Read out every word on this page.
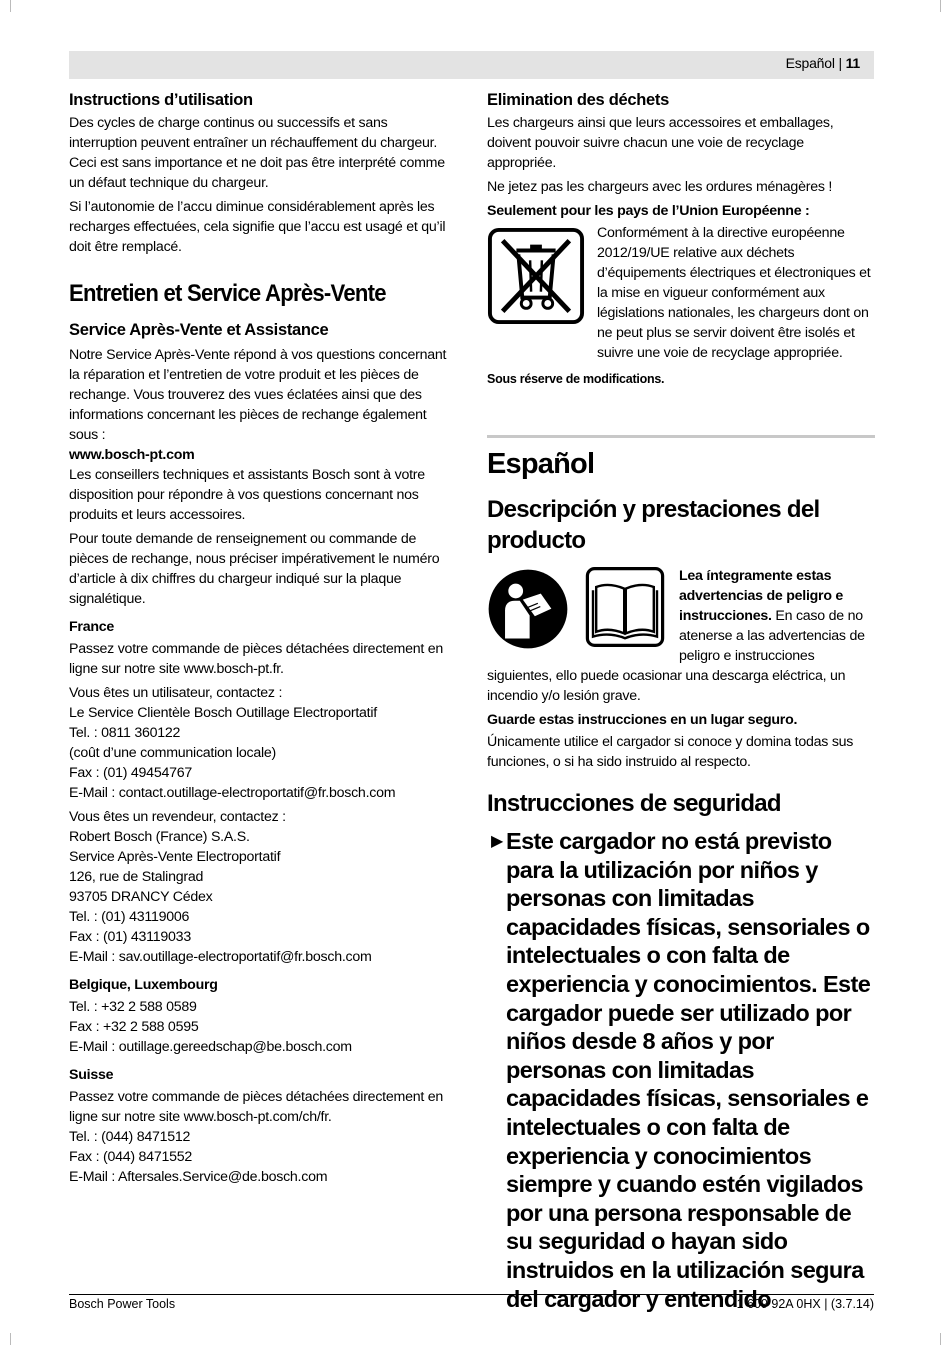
Español | 11
Instructions d’utilisation

Des cycles de charge continus ou successifs et sans interruption peuvent entraîner un réchauffement du chargeur. Ceci est sans importance et ne doit pas être interprété comme un défaut technique du chargeur.

Si l’autonomie de l’accu diminue considérablement après les recharges effectuées, cela signifie que l’accu est usagé et qu’il doit être remplacé.

Entretien et Service Après-Vente
Service Après-Vente et Assistance

Notre Service Après-Vente répond à vos questions concernant la réparation et l’entretien de votre produit et les pièces de rechange. Vous trouverez des vues éclatées ainsi que des informations concernant les pièces de rechange également sous :

www.bosch-pt.com

Les conseillers techniques et assistants Bosch sont à votre disposition pour répondre à vos questions concernant nos produits et leurs accessoires.

Pour toute demande de renseignement ou commande de pièces de rechange, nous préciser impérativement le numéro d’article à dix chiffres du chargeur indiqué sur la plaque signalétique.

France

Passez votre commande de pièces détachées directement en ligne sur notre site www.bosch-pt.fr.

Vous êtes un utilisateur, contactez :
Le Service Clientèle Bosch Outillage Electroportatif
Tel. : 0811 360122
(coût d’une communication locale)
Fax : (01) 49454767
E-Mail : contact.outillage-electroportatif@fr.bosch.com
Vous êtes un revendeur, contactez :
Robert Bosch (France) S.A.S.
Service Après-Vente Electroportatif
126, rue de Stalingrad
93705 DRANCY Cédex
Tel. : (01) 43119006
Fax : (01) 43119033
E-Mail : sav.outillage-electroportatif@fr.bosch.com
Belgique, Luxembourg
Tel. : +32 2 588 0589
Fax : +32 2 588 0595
E-Mail : outillage.gereedschap@be.bosch.com
Suisse

Passez votre commande de pièces détachées directement en ligne sur notre site www.bosch-pt.com/ch/fr.

Tel. : (044) 8471512
Fax : (044) 8471552
E-Mail : Aftersales.Service@de.bosch.com
Elimination des déchets

Les chargeurs ainsi que leurs accessoires et emballages, doivent pouvoir suivre chacun une voie de recyclage appropriée.

Ne jetez pas les chargeurs avec les ordures ménagères !

Seulement pour les pays de l’Union Européenne :

Conformément à la directive européenne 2012/19/UE relative aux déchets d’équipements électriques et électroniques et la mise en vigueur conformément aux législations nationales, les chargeurs dont on ne peut plus se servir doivent être isolés et suivre une voie de recyclage appropriée.

Sous réserve de modifications.
Español
Descripción y prestaciones del producto

Lea íntegramente estas advertencias de peligro e instrucciones. En caso de no atenerse a las advertencias de peligro e instrucciones siguientes, ello puede ocasionar una descarga eléctrica, un incendio y/o lesión grave.

Guarde estas instrucciones en un lugar seguro.

Únicamente utilice el cargador si conoce y domina todas sus funciones, o si ha sido instruido al respecto.

Instrucciones de seguridad
▶ Este cargador no está previsto para la utilización por niños y personas con limitadas capacidades físicas, sensoriales o intelectuales o con falta de experiencia y conocimientos. Este cargador puede ser utilizado por niños desde 8 años y por personas con limitadas capacidades físicas, sensoriales e intelectuales o con falta de experiencia y conocimientos siempre y cuando estén vigilados por una persona responsable de su seguridad o hayan sido instruidos en la utilización segura del cargador y entendido
Bosch Power Tools	1 609 92A 0HX | (3.7.14)
